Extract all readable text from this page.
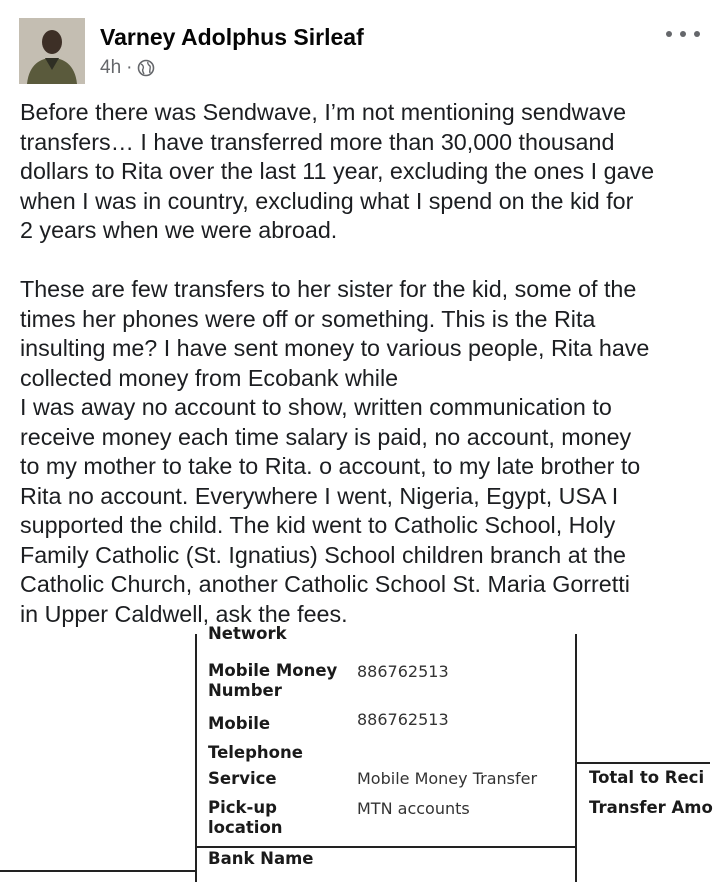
Varney Adolphus Sirleaf
4h ·

Before there was Sendwave, I’m not mentioning sendwave
transfers… I have transferred more than 30,000 thousand
dollars to Rita over the last 11 year, excluding the ones I gave
when I was in country, excluding what I spend on the kid for
2 years when we were abroad.

These are few transfers to her sister for the kid, some of the
times her phones were off or something. This is the Rita
insulting me? I have sent money to various people, Rita have
collected money from Ecobank while
I was away no account to show, written communication to
receive money each time salary is paid, no account, money
to my mother to take to Rita. o account, to my late brother to
Rita no account. Everywhere I went, Nigeria, Egypt, USA I
supported the child. The kid went to Catholic School, Holy
Family Catholic (St. Ignatius) School children branch at the
Catholic Church, another Catholic School St. Maria Gorretti
in Upper Caldwell, ask the fees.

Network
Mobile Money
Number
886762513
Mobile
Telephone
886762513
Service	Mobile Money Transfer
Pick-up
location
MTN accounts
Bank Name
Total to Reci
Transfer Amo
